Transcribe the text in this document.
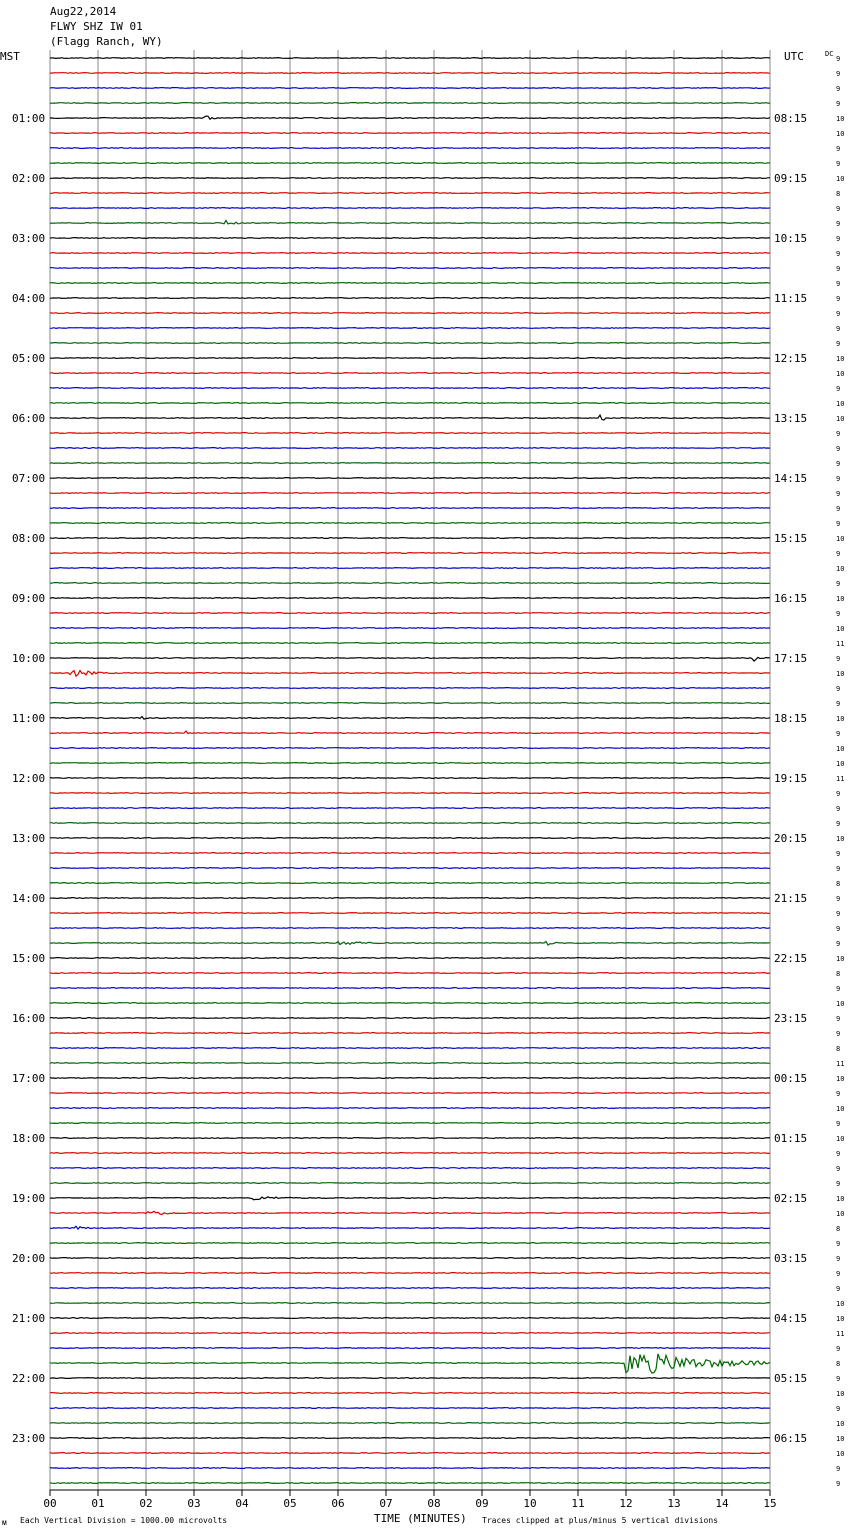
Aug22,2014
FLWY SHZ IW 01
(Flagg Ranch, WY)
9
9
9
9
10
10
9
9
10
8
9
9
9
9
9
9
9
9
9
9
10
10
9
10
10
9
9
9
9
9
9
9
10
9
10
9
10
9
10
11
9
10
9
9
10
9
10
10
11
9
9
9
10
9
9
8
9
9
9
9
10
8
9
10
9
9
8
11
10
9
10
9
10
9
9
9
10
10
8
9
9
9
9
10
10
11
9
8
9
10
9
10
10
10
9
9
01:00	08:15
02:00	09:15
03:00	10:15
04:00	11:15
05:00	12:15
06:00	13:15
07:00	14:15
08:00	15:15
09:00	16:15
10:00	17:15
11:00	18:15
12:00	19:15
13:00	20:15
14:00	21:15
15:00	22:15
16:00	23:15
17:00	00:15
18:00	01:15
19:00	02:15
20:00	03:15
21:00	04:15
22:00	05:15
23:00	06:15
00	01	02	03	04	05	06	07	08	09	10	11	12	13	14	15
MST	UTC	DC
TIME (MINUTES)
Each Vertical Division = 1000.00 microvolts	Traces clipped at plus/minus 5 vertical divisions
ᴍ
